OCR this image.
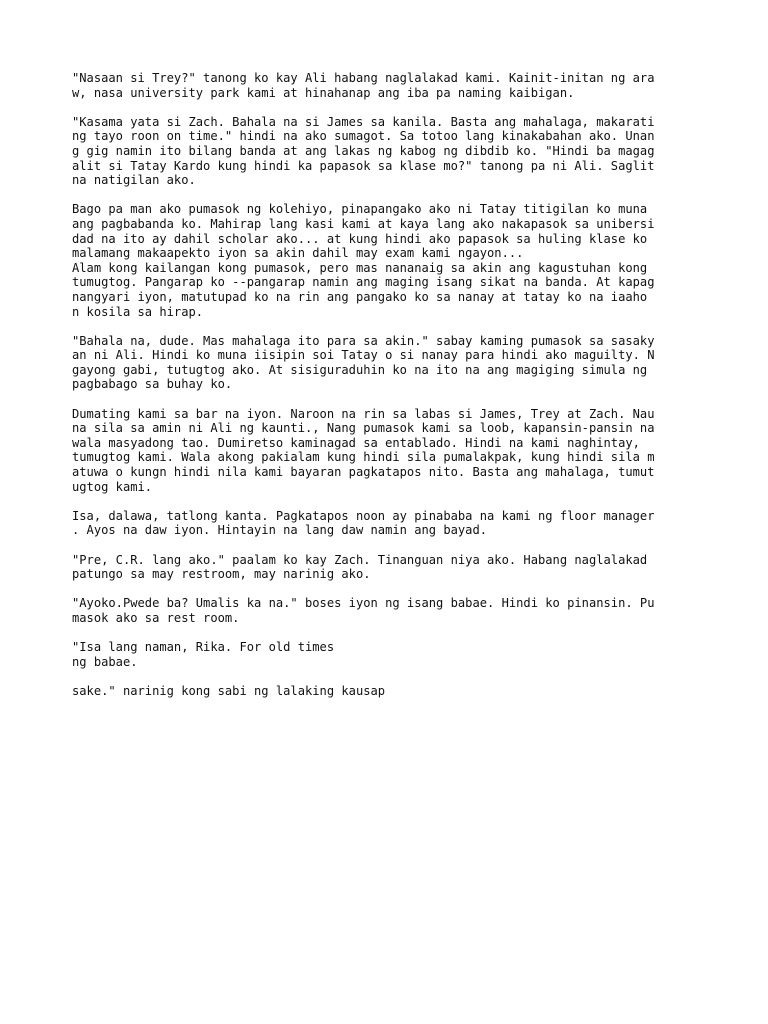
"Nasaan si Trey?" tanong ko kay Ali habang naglalakad kami. Kainit-initan ng ara
w, nasa university park kami at hinahanap ang iba pa naming kaibigan.

"Kasama yata si Zach. Bahala na si James sa kanila. Basta ang mahalaga, makarati
ng tayo roon on time." hindi na ako sumagot. Sa totoo lang kinakabahan ako. Unan
g gig namin ito bilang banda at ang lakas ng kabog ng dibdib ko. "Hindi ba magag
alit si Tatay Kardo kung hindi ka papasok sa klase mo?" tanong pa ni Ali. Saglit
na natigilan ako.

Bago pa man ako pumasok ng kolehiyo, pinapangako ako ni Tatay titigilan ko muna
ang pagbabanda ko. Mahirap lang kasi kami at kaya lang ako nakapasok sa unibersi
dad na ito ay dahil scholar ako... at kung hindi ako papasok sa huling klase ko
malamang makaapekto iyon sa akin dahil may exam kami ngayon...
Alam kong kailangan kong pumasok, pero mas nananaig sa akin ang kagustuhan kong
tumugtog. Pangarap ko --pangarap namin ang maging isang sikat na banda. At kapag
nangyari iyon, matutupad ko na rin ang pangako ko sa nanay at tatay ko na iaaho
n kosila sa hirap.

"Bahala na, dude. Mas mahalaga ito para sa akin." sabay kaming pumasok sa sasaky
an ni Ali. Hindi ko muna iisipin soi Tatay o si nanay para hindi ako maguilty. N
gayong gabi, tutugtog ako. At sisiguraduhin ko na ito na ang magiging simula ng
pagbabago sa buhay ko.

Dumating kami sa bar na iyon. Naroon na rin sa labas si James, Trey at Zach. Nau
na sila sa amin ni Ali ng kaunti., Nang pumasok kami sa loob, kapansin-pansin na
wala masyadong tao. Dumiretso kaminagad sa entablado. Hindi na kami naghintay,
tumugtog kami. Wala akong pakialam kung hindi sila pumalakpak, kung hindi sila m
atuwa o kungn hindi nila kami bayaran pagkatapos nito. Basta ang mahalaga, tumut
ugtog kami.

Isa, dalawa, tatlong kanta. Pagkatapos noon ay pinababa na kami ng floor manager
. Ayos na daw iyon. Hintayin na lang daw namin ang bayad.

"Pre, C.R. lang ako." paalam ko kay Zach. Tinanguan niya ako. Habang naglalakad
patungo sa may restroom, may narinig ako.

"Ayoko.Pwede ba? Umalis ka na." boses iyon ng isang babae. Hindi ko pinansin. Pu
masok ako sa rest room.

"Isa lang naman, Rika. For old times
ng babae.

sake." narinig kong sabi ng lalaking kausap
